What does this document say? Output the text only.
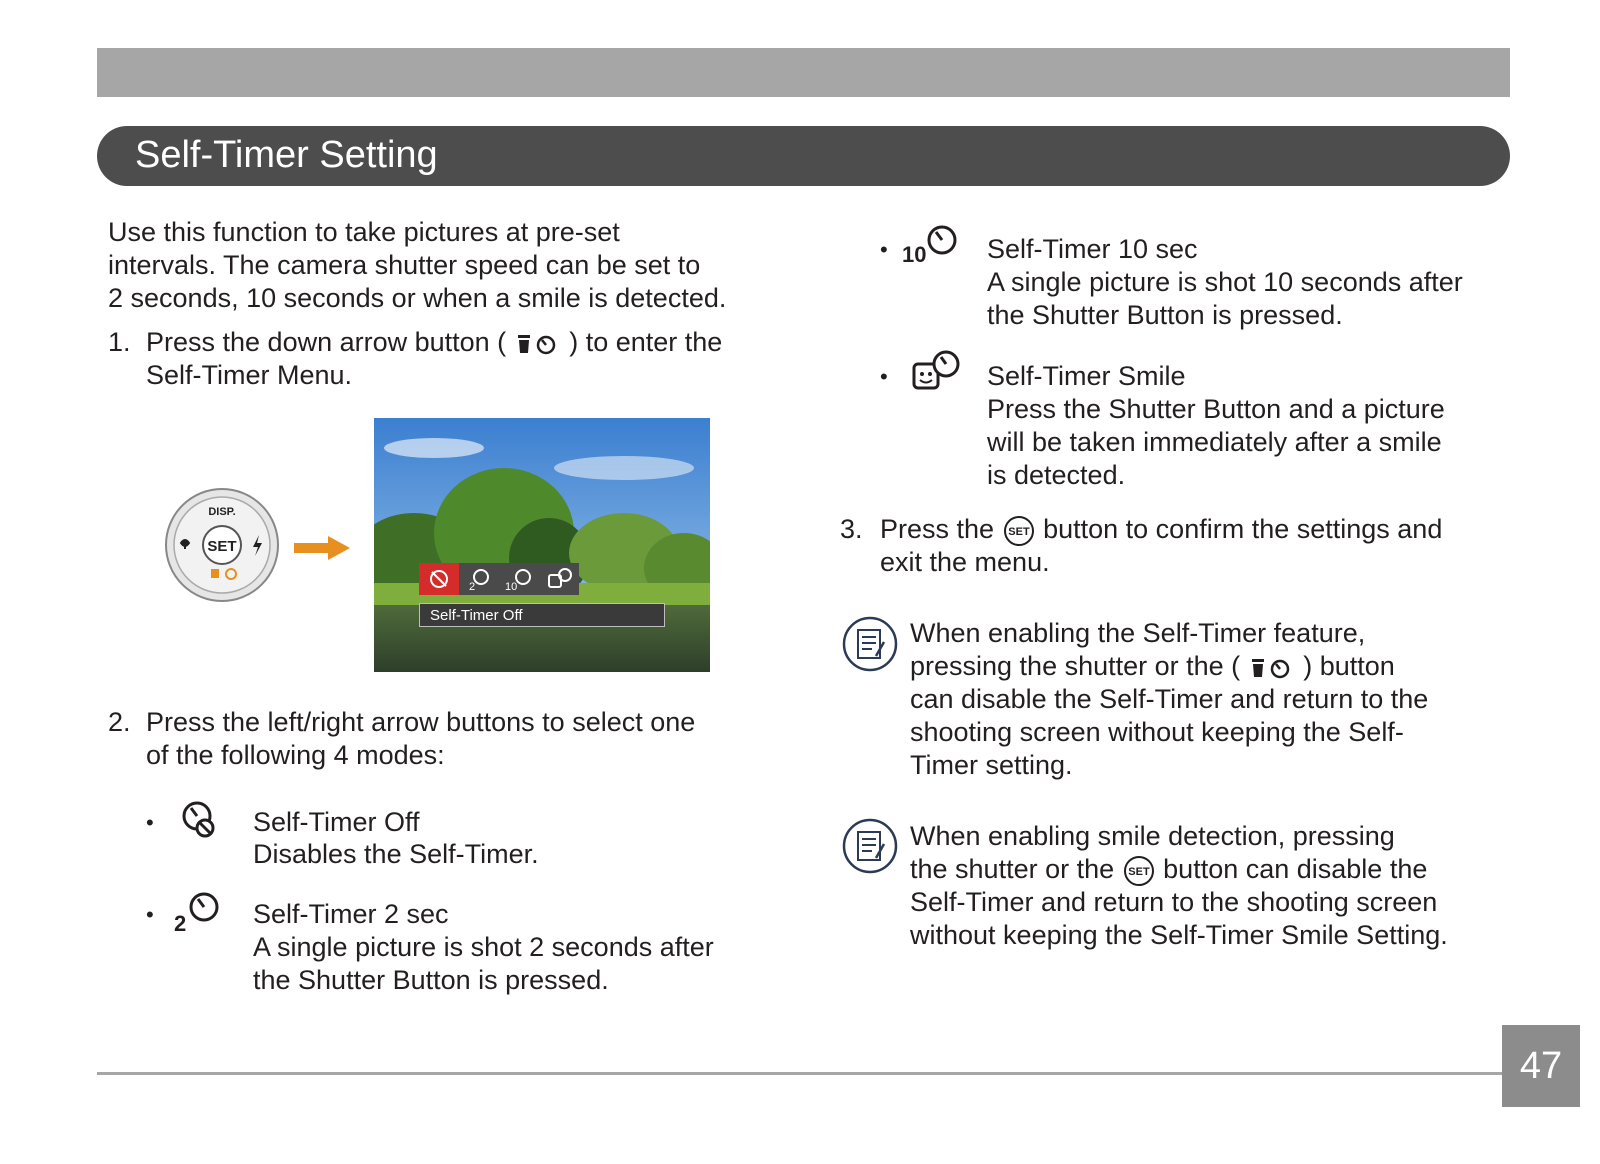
Self-Timer Setting
Use this function to take pictures at pre-set
intervals. The camera shutter speed can be set to
2 seconds, 10 seconds or when a smile is detected.
1. Press the down arrow button ( ) to enter the
Self-Timer Menu.
SET
DISP.
2	10
Self-Timer Off
2. Press the left/right arrow buttons to select one
of the following 4 modes:
•	Self-Timer Off
Disables the Self-Timer.
• 2 Self-Timer 2 sec
A single picture is shot 2 seconds after
the Shutter Button is pressed.
• 10 Self-Timer 10 sec
A single picture is shot 10 seconds after
the Shutter Button is pressed.
•	Self-Timer Smile
Press the Shutter Button and a picture
will be taken immediately after a smile
is detected.
3. Press the SET button to confirm the settings and
exit the menu.
When enabling the Self-Timer feature,
pressing the shutter or the ( ) button
can disable the Self-Timer and return to the
shooting screen without keeping the Self-
Timer setting.
When enabling smile detection, pressing
the shutter or the SET button can disable the
Self-Timer and return to the shooting screen
without keeping the Self-Timer Smile Setting.
47
